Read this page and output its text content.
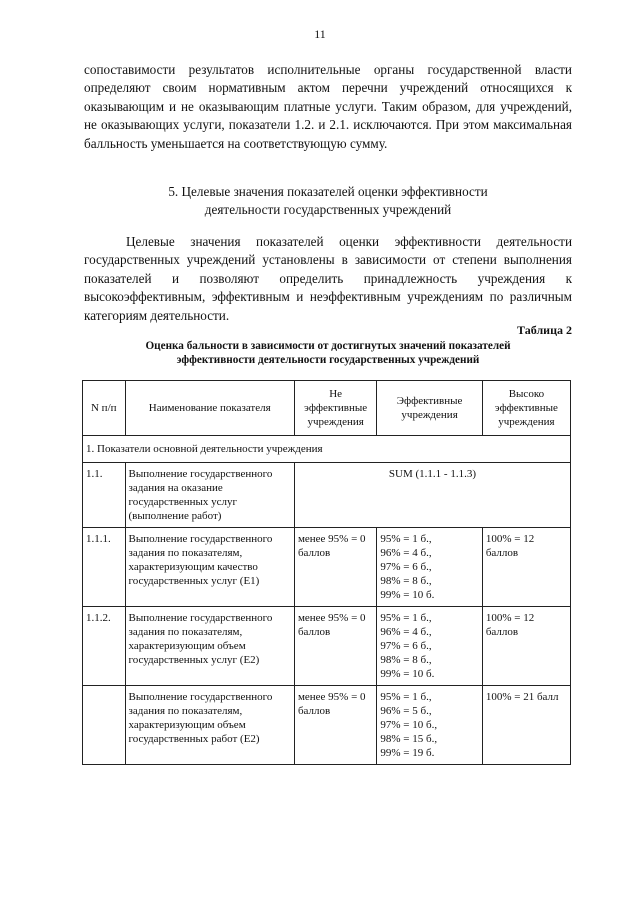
11

сопоставимости результатов исполнительные органы государственной власти определяют своим нормативным актом перечни учреждений относящихся к оказывающим и не оказывающим платные услуги. Таким образом, для учреждений, не оказывающих услуги, показатели 1.2. и 2.1. исключаются. При этом максимальная балльность уменьшается на соответствующую сумму.

5. Целевые значения показателей оценки эффективности
деятельности государственных учреждений

Целевые значения показателей оценки эффективности деятельности государственных учреждений установлены в зависимости от степени выполнения показателей и позволяют определить принадлежность учреждения к высокоэффективным, эффективным и неэффективным учреждениям по различным категориям деятельности.

Таблица 2
Оценка бальности в зависимости от достигнутых значений показателей
эффективности деятельности государственных учреждений
N п/п	Наименование показателя	Не эффективные учреждения	Эффективные учреждения	Высоко эффективные учреждения
1. Показатели основной деятельности учреждения				
1.1.	Выполнение государственного задания на оказание государственных услуг (выполнение работ)	SUM (1.1.1 - 1.1.3)		
1.1.1.	Выполнение государственного задания по показателям, характеризующим качество государственных услуг (Е1)	менее 95% = 0 баллов	95% = 1 б.,
96% = 4 б.,
97% = 6 б.,
98% = 8 б.,
99% = 10 б.	100% = 12 баллов
1.1.2.	Выполнение государственного задания по показателям, характеризующим объем государственных услуг (Е2)	менее 95% = 0 баллов	95% = 1 б.,
96% = 4 б.,
97% = 6 б.,
98% = 8 б.,
99% = 10 б.	100% = 12 баллов
	Выполнение государственного задания по показателям, характеризующим объем государственных работ (Е2)	менее 95% = 0 баллов	95% = 1 б.,
96% = 5 б.,
97% = 10 б.,
98% = 15 б.,
99% = 19 б.	100% = 21 балл
